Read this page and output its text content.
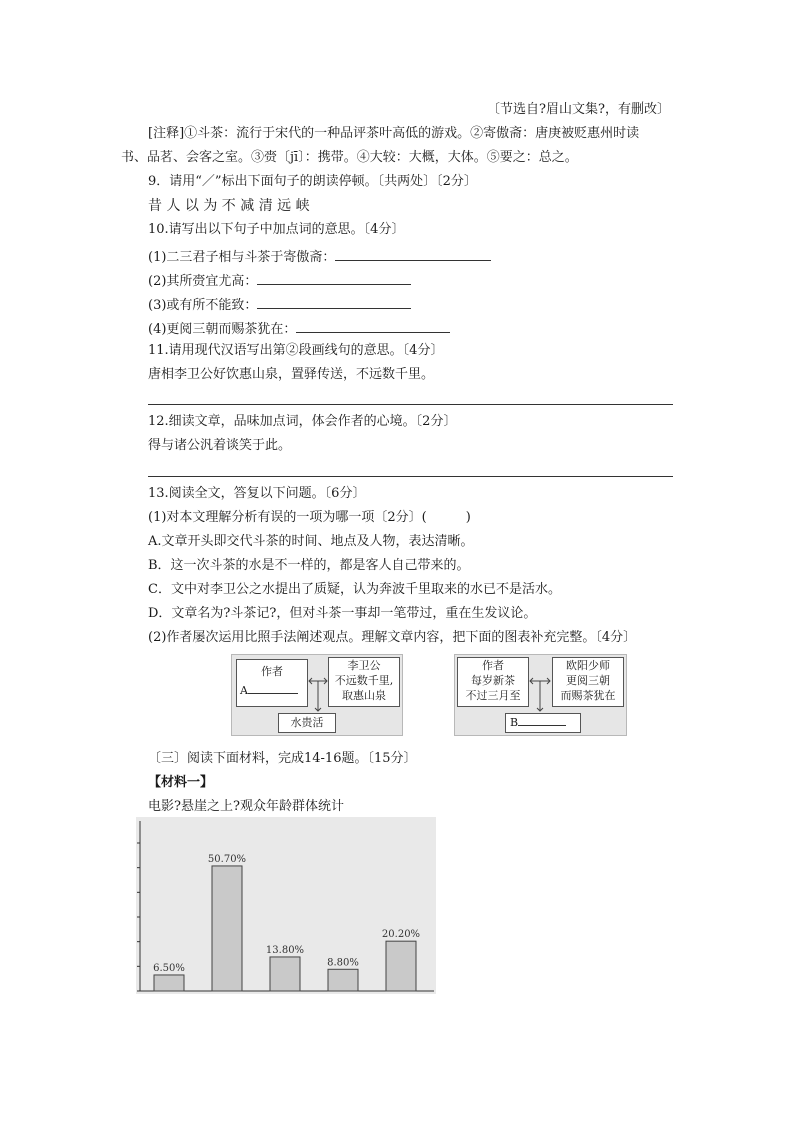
〔节选自?眉山文集?，有删改〕
[注释]①斗茶：流行于宋代的一种品评茶叶高低的游戏。②寄傲斋：唐庚被贬惠州时读
书、品茗、会客之室。③赍〔jī〕：携带。④大较：大概，大体。⑤要之：总之。
9．请用“／”标出下面句子的朗读停顿。〔共两处〕〔2分〕
昔 人 以 为 不 减 清 远 峡
10.请写出以下句子中加点词的意思。〔4分〕
(1)二三君子相与斗茶于寄傲斋：
(2)其所赍宜尤高：
(3)或有所不能致：
(4)更阅三朝而赐茶犹在：
11.请用现代汉语写出第②段画线句的意思。〔4分〕
唐相李卫公好饮惠山泉，置驿传送，不远数千里。
12.细读文章，品味加点词，体会作者的心境。〔2分〕
得与诸公汎着谈笑于此。
13.阅读全文，答复以下问题。〔6分〕
(1)对本文理解分析有误的一项为哪一项〔2分〕(　　　)
A.文章开头即交代斗茶的时间、地点及人物，表达清晰。
B．这一次斗茶的水是不一样的，都是客人自己带来的。
C．文中对李卫公之水提出了质疑，认为奔波千里取来的水已不是活水。
D．文章名为?斗茶记?，但对斗茶一事却一笔带过，重在生发议论。
(2)作者屡次运用比照手法阐述观点。理解文章内容，把下面的图表补充完整。〔4分〕
作者
A
李卫公
不远数千里,
取惠山泉
水贵活
作者
每岁新茶
不过三月至
欧阳少师
更阅三朝
而赐茶犹在
B
〔三〕阅读下面材料，完成14-16题。〔15分〕
【材料一】
电影?悬崖之上?观众年龄群体统计
6.50%
50.70%
13.80%
8.80%
20.20%
